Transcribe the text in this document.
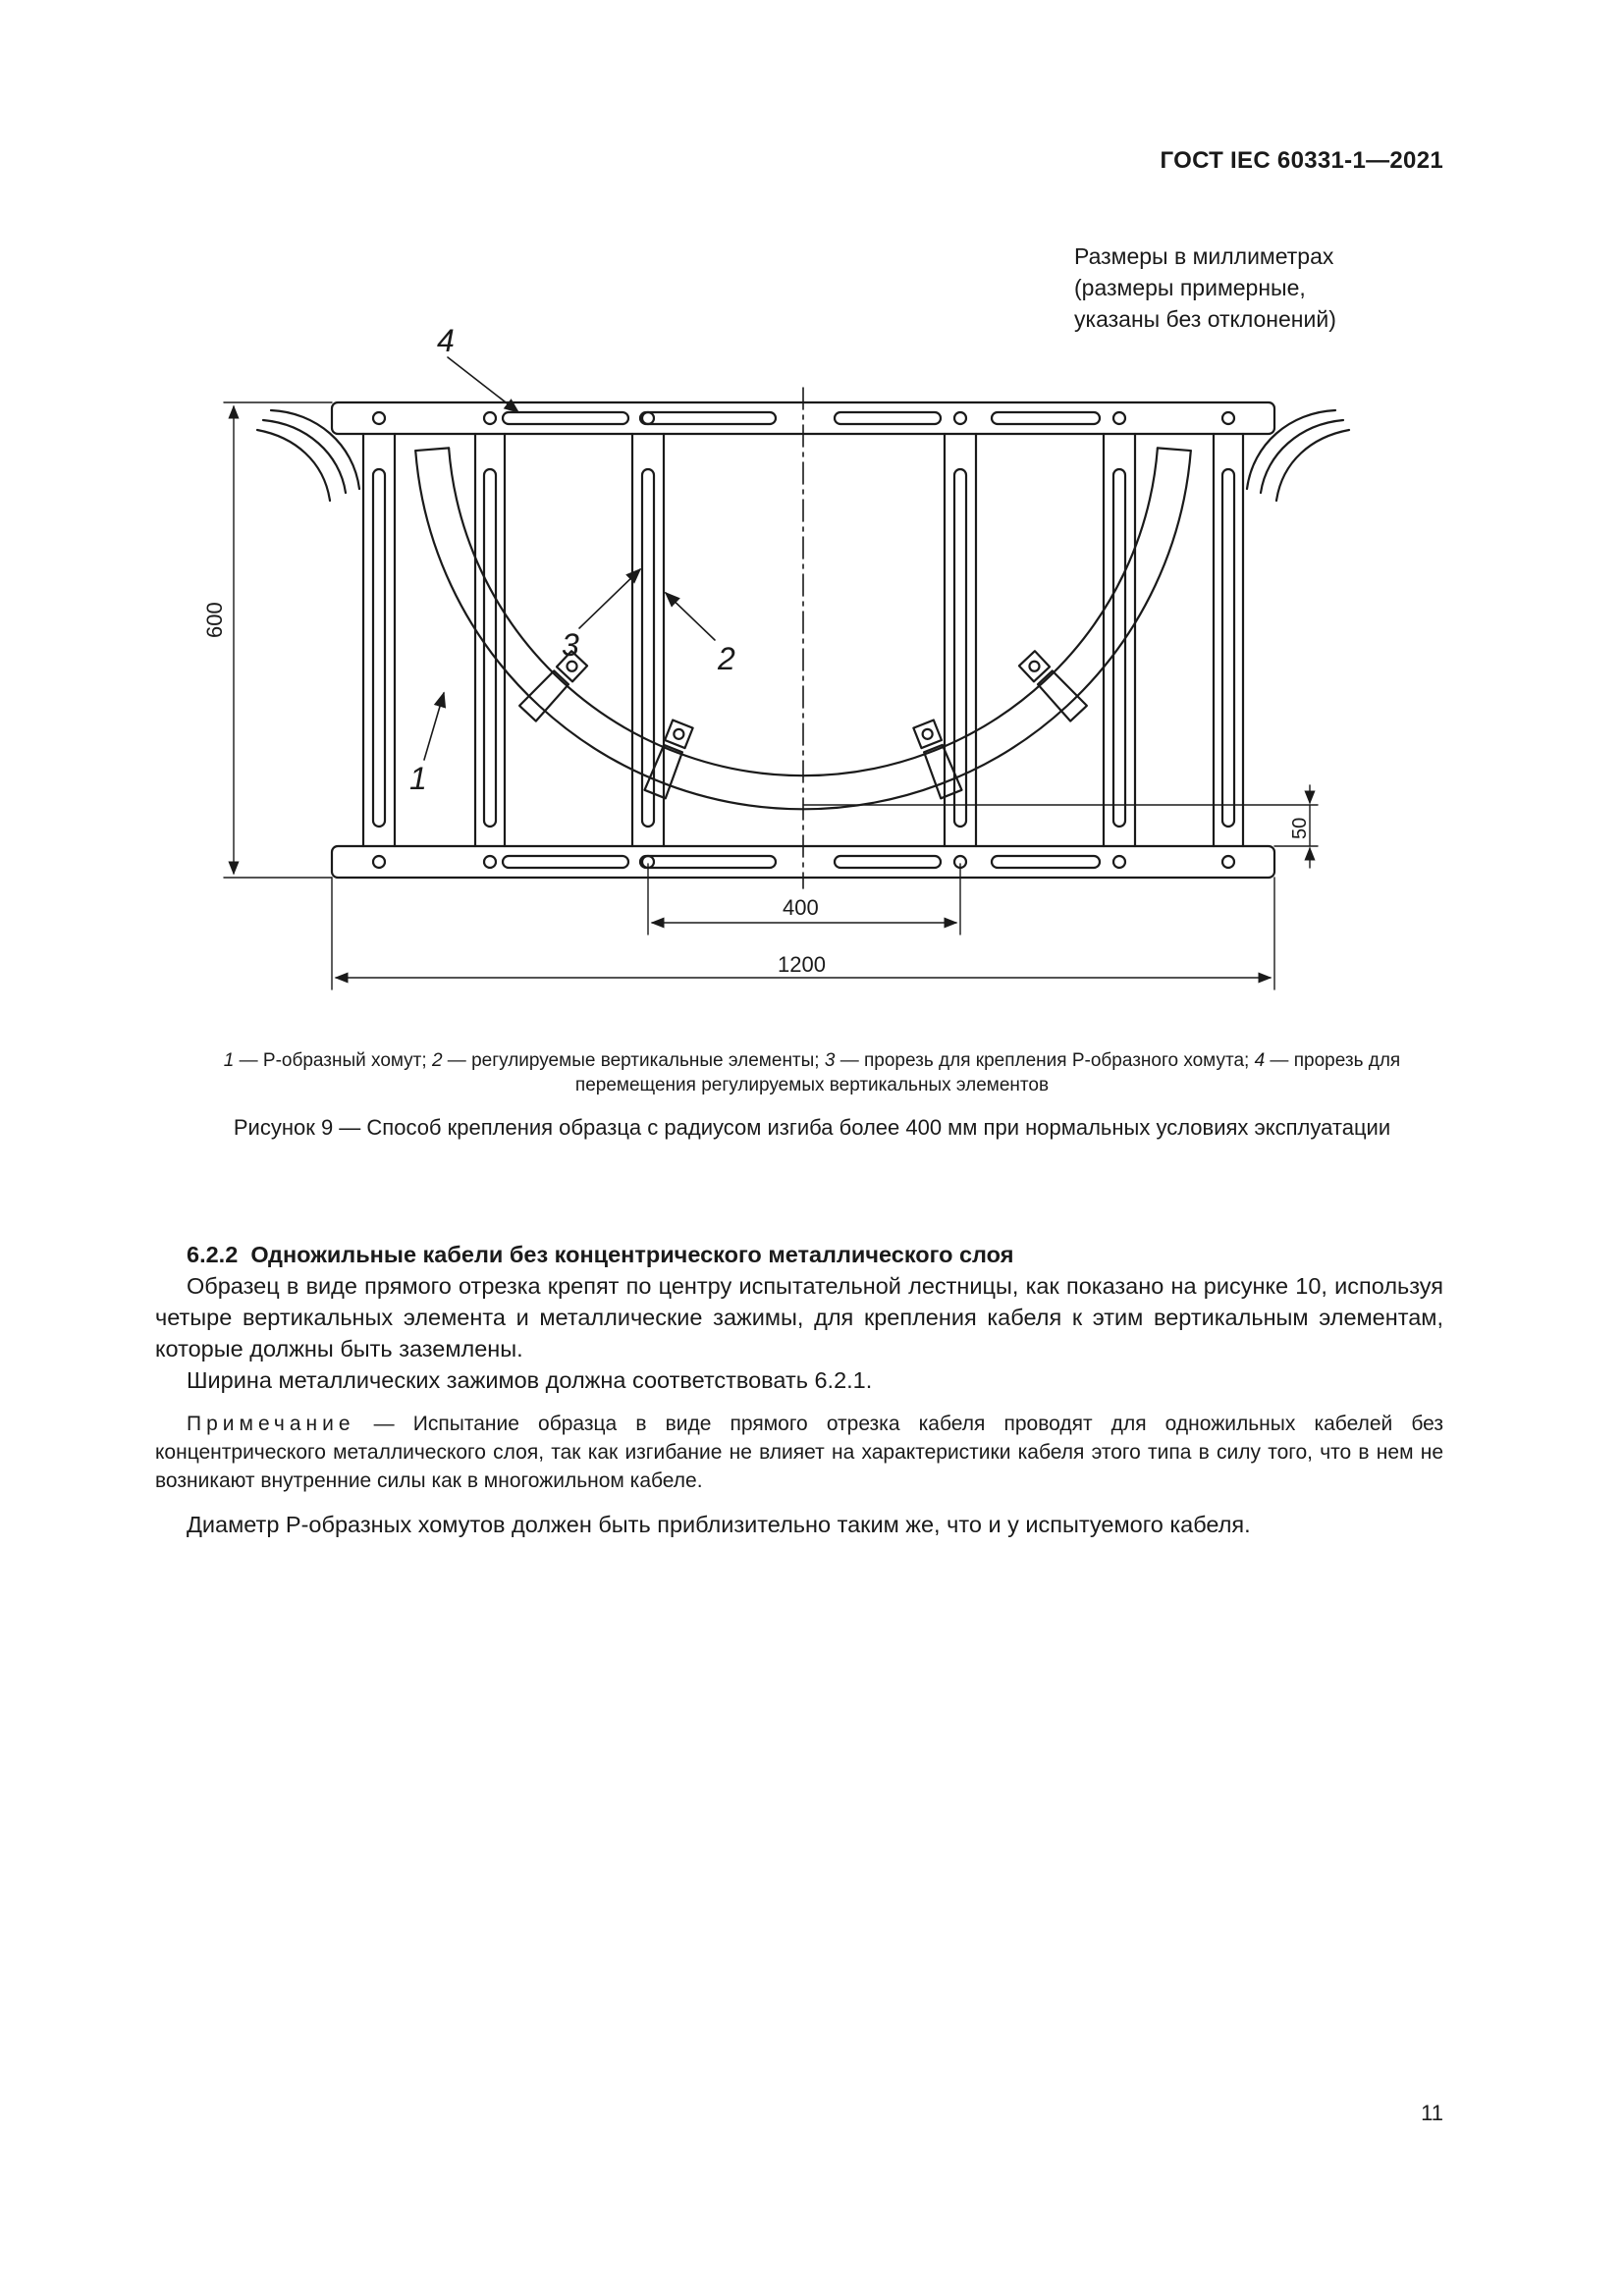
ГОСТ IEC 60331-1—2021
4
3	2
1
600
50
400
1200
Размеры в миллиметрах
(размеры примерные,
указаны без отклонений)
1 — Р-образный хомут; 2 — регулируемые вертикальные элементы; 3 — прорезь для крепления Р-образного хомута; 4 — прорезь для перемещения регулируемых вертикальных элементов
Рисунок 9 — Способ крепления образца с радиусом изгиба более 400 мм при нормальных условиях эксплуатации

6.2.2 Одножильные кабели без концентрического металлического слоя

Образец в виде прямого отрезка крепят по центру испытательной лестницы, как показано на рисунке 10, используя четыре вертикальных элемента и металлические зажимы, для крепления кабеля к этим вертикальным элементам, которые должны быть заземлены.

Ширина металлических зажимов должна соответствовать 6.2.1.

Примечание — Испытание образца в виде прямого отрезка кабеля проводят для одножильных кабелей без концентрического металлического слоя, так как изгибание не влияет на характеристики кабеля этого типа в силу того, что в нем не возникают внутренние силы как в многожильном кабеле.

Диаметр Р-образных хомутов должен быть приблизительно таким же, что и у испытуемого кабеля.

11
